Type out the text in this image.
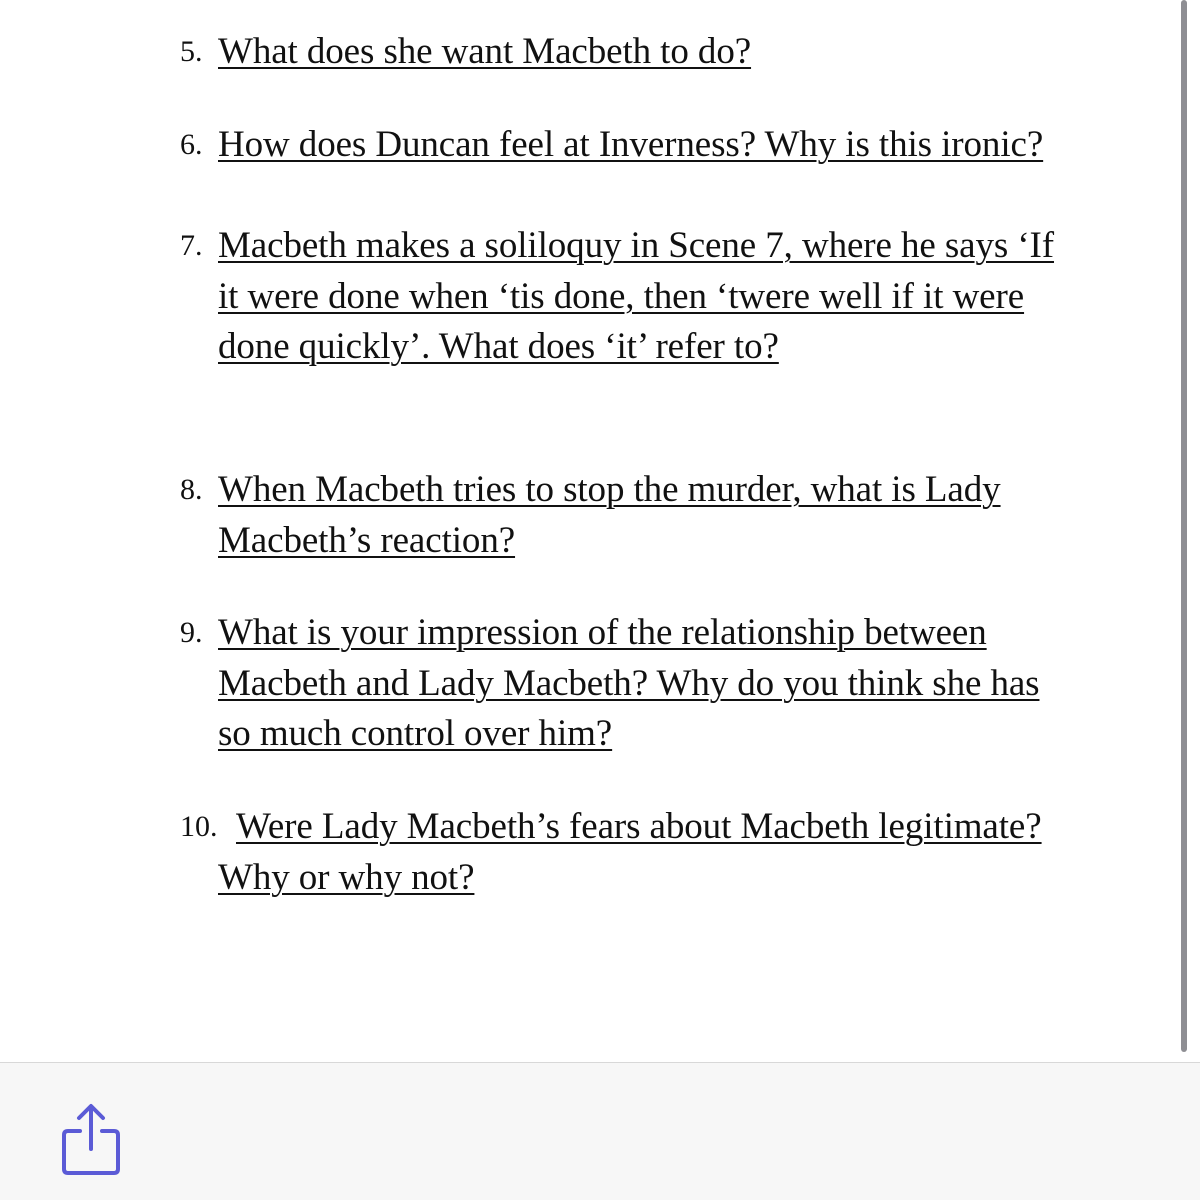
5. What does she want Macbeth to do?
6. How does Duncan feel at Inverness? Why is this ironic?
7. Macbeth makes a soliloquy in Scene 7, where he says ‘If it were done when ‘tis done, then ‘twere well if it were done quickly’. What does ‘it’ refer to?
8. When Macbeth tries to stop the murder, what is Lady Macbeth’s reaction?
9. What is your impression of the relationship between Macbeth and Lady Macbeth? Why do you think she has so much control over him?
10. Were Lady Macbeth’s fears about Macbeth legitimate? Why or why not?
